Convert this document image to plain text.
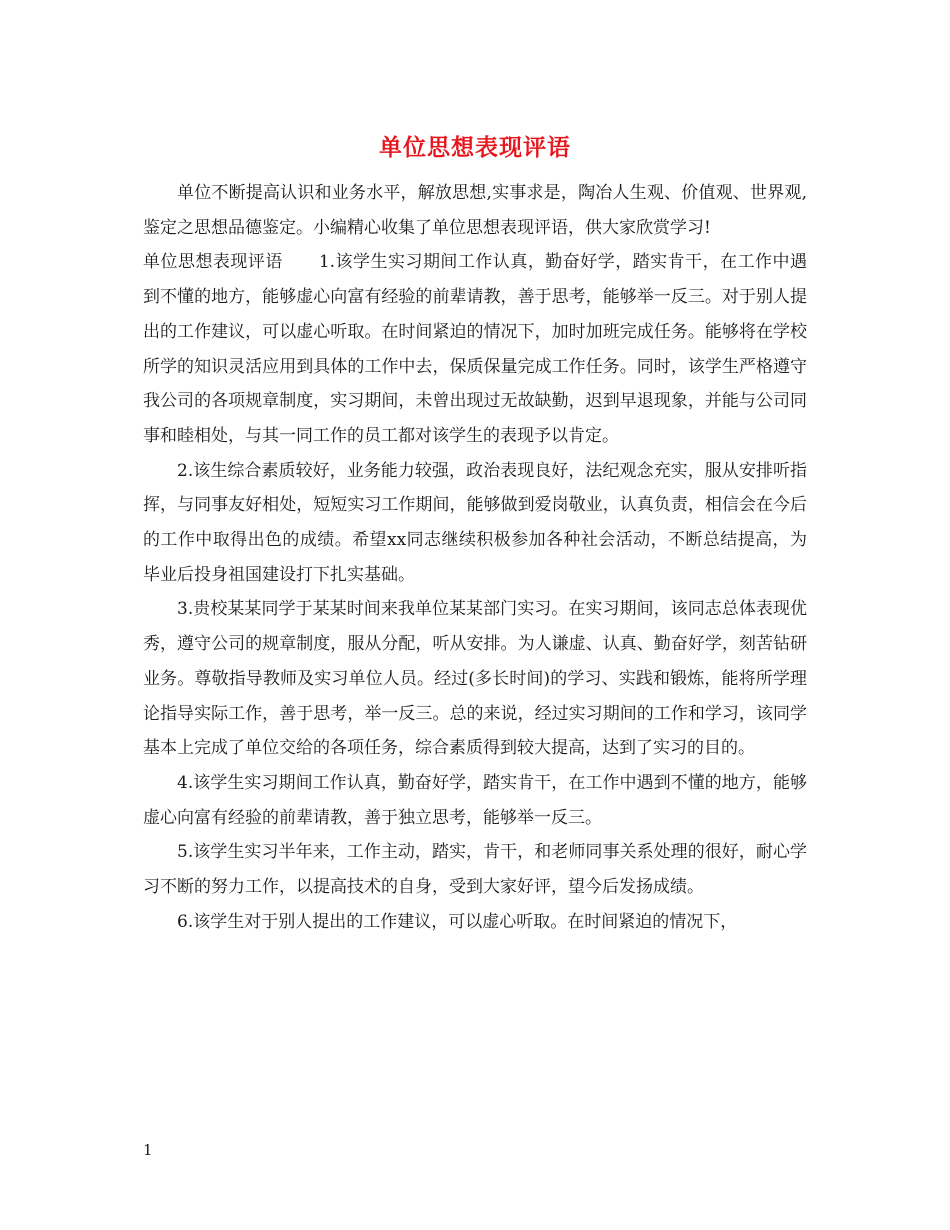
单位思想表现评语

单位不断提高认识和业务水平，解放思想,实事求是，陶冶人生观、价值观、世界观,鉴定之思想品德鉴定。小编精心收集了单位思想表现评语，供大家欣赏学习!

单位思想表现评语 1.该学生实习期间工作认真，勤奋好学，踏实肯干，在工作中遇到不懂的地方，能够虚心向富有经验的前辈请教，善于思考，能够举一反三。对于别人提出的工作建议，可以虚心听取。在时间紧迫的情况下，加时加班完成任务。能够将在学校所学的知识灵活应用到具体的工作中去，保质保量完成工作任务。同时，该学生严格遵守我公司的各项规章制度，实习期间，未曾出现过无故缺勤，迟到早退现象，并能与公司同事和睦相处，与其一同工作的员工都对该学生的表现予以肯定。

2.该生综合素质较好，业务能力较强，政治表现良好，法纪观念充实，服从安排听指挥，与同事友好相处，短短实习工作期间，能够做到爱岗敬业，认真负责，相信会在今后的工作中取得出色的成绩。希望xx同志继续积极参加各种社会活动，不断总结提高，为毕业后投身祖国建设打下扎实基础。

3.贵校某某同学于某某时间来我单位某某部门实习。在实习期间，该同志总体表现优秀，遵守公司的规章制度，服从分配，听从安排。为人谦虚、认真、勤奋好学，刻苦钻研业务。尊敬指导教师及实习单位人员。经过(多长时间)的学习、实践和锻炼，能将所学理论指导实际工作，善于思考，举一反三。总的来说，经过实习期间的工作和学习，该同学基本上完成了单位交给的各项任务，综合素质得到较大提高，达到了实习的目的。

4.该学生实习期间工作认真，勤奋好学，踏实肯干，在工作中遇到不懂的地方，能够虚心向富有经验的前辈请教，善于独立思考，能够举一反三。

5.该学生实习半年来，工作主动，踏实，肯干，和老师同事关系处理的很好，耐心学习不断的努力工作，以提高技术的自身，受到大家好评，望今后发扬成绩。

6.该学生对于别人提出的工作建议，可以虚心听取。在时间紧迫的情况下，

1
